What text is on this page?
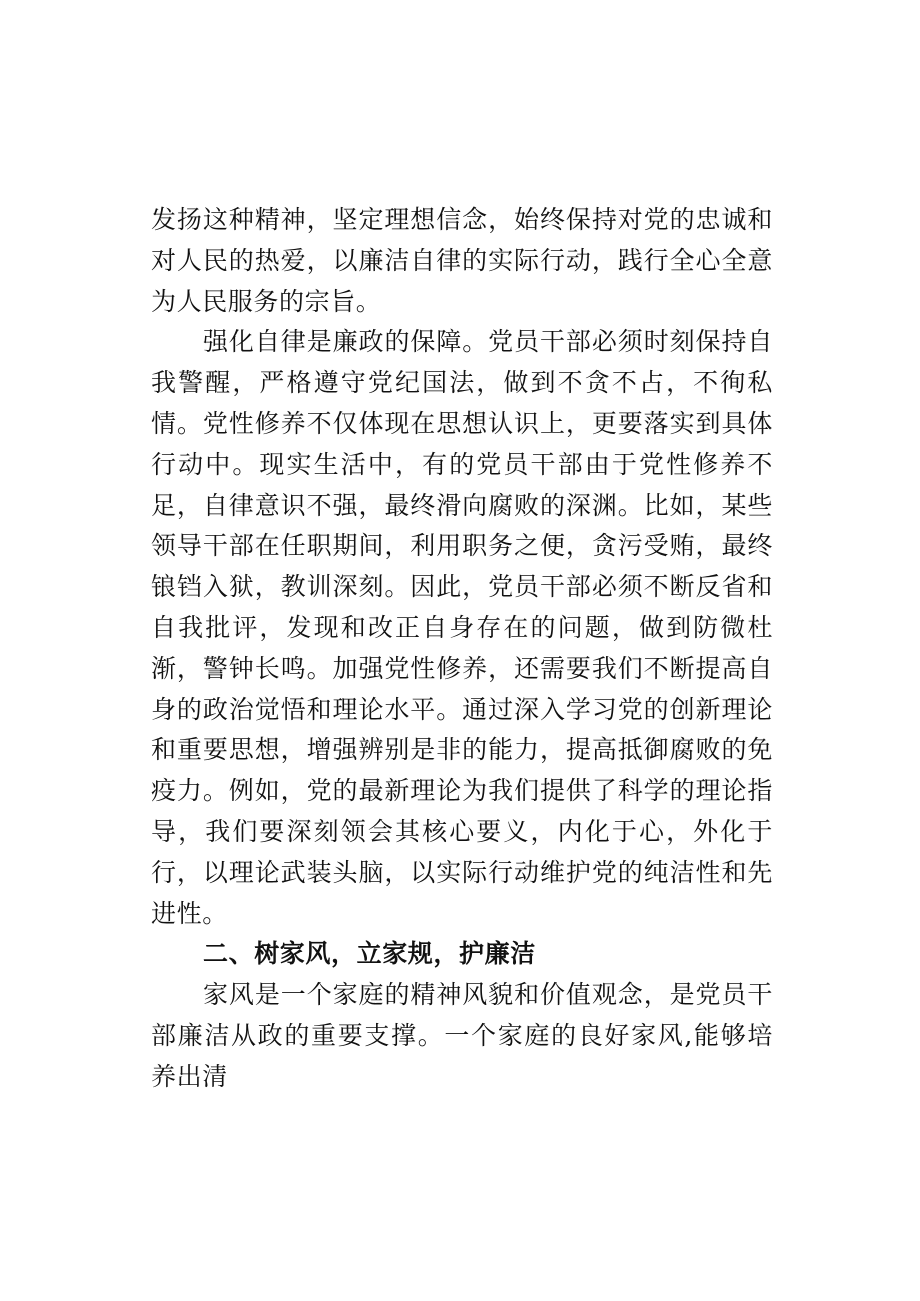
发扬这种精神，坚定理想信念，始终保持对党的忠诚和对人民的热爱，以廉洁自律的实际行动，践行全心全意为人民服务的宗旨。

强化自律是廉政的保障。党员干部必须时刻保持自我警醒，严格遵守党纪国法，做到不贪不占，不徇私情。党性修养不仅体现在思想认识上，更要落实到具体行动中。现实生活中，有的党员干部由于党性修养不足，自律意识不强，最终滑向腐败的深渊。比如，某些领导干部在任职期间，利用职务之便，贪污受贿，最终锒铛入狱，教训深刻。因此，党员干部必须不断反省和自我批评，发现和改正自身存在的问题，做到防微杜渐，警钟长鸣。加强党性修养，还需要我们不断提高自身的政治觉悟和理论水平。通过深入学习党的创新理论和重要思想，增强辨别是非的能力，提高抵御腐败的免疫力。例如，党的最新理论为我们提供了科学的理论指导，我们要深刻领会其核心要义，内化于心，外化于行，以理论武装头脑，以实际行动维护党的纯洁性和先进性。

二、树家风，立家规，护廉洁

家风是一个家庭的精神风貌和价值观念，是党员干部廉洁从政的重要支撑。一个家庭的良好家风,能够培养出清
